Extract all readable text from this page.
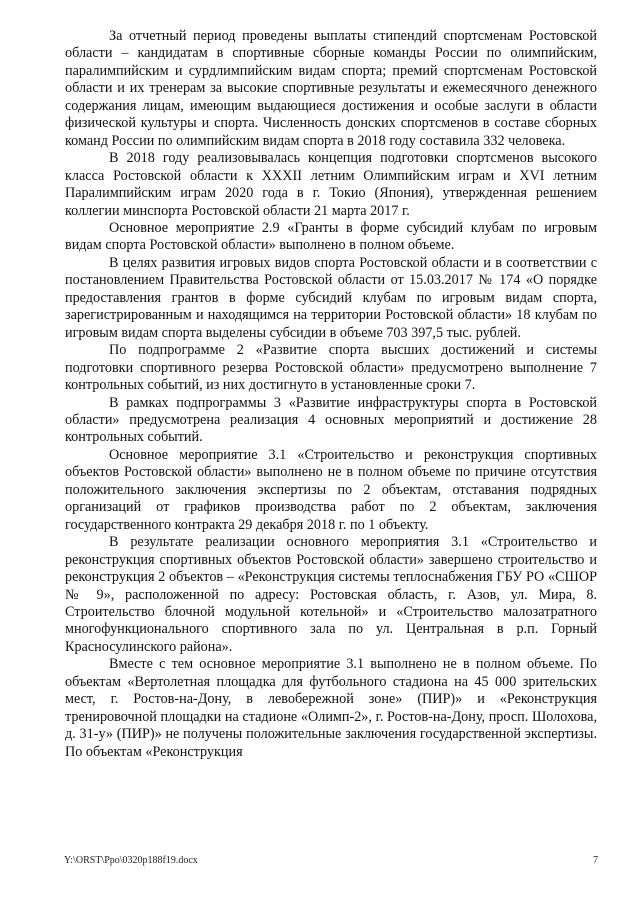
За отчетный период проведены выплаты стипендий спортсменам Ростовской области – кандидатам в спортивные сборные команды России по олимпийским, паралимпийским и сурдлимпийским видам спорта; премий спортсменам Ростовской области и их тренерам за высокие спортивные результаты и ежемесячного денежного содержания лицам, имеющим выдающиеся достижения и особые заслуги в области физической культуры и спорта. Численность донских спортсменов в составе сборных команд России по олимпийским видам спорта в 2018 году составила 332 человека.

В 2018 году реализовывалась концепция подготовки спортсменов высокого класса Ростовской области к XXXII летним Олимпийским играм и XVI летним Паралимпийским играм 2020 года в г. Токио (Япония), утвержденная решением коллегии минспорта Ростовской области 21 марта 2017 г.

Основное мероприятие 2.9 «Гранты в форме субсидий клубам по игровым видам спорта Ростовской области» выполнено в полном объеме.

В целях развития игровых видов спорта Ростовской области и в соответствии с постановлением Правительства Ростовской области от 15.03.2017 № 174 «О порядке предоставления грантов в форме субсидий клубам по игровым видам спорта, зарегистрированным и находящимся на территории Ростовской области» 18 клубам по игровым видам спорта выделены субсидии в объеме 703 397,5 тыс. рублей.

По подпрограмме 2 «Развитие спорта высших достижений и системы подготовки спортивного резерва Ростовской области» предусмотрено выполнение 7 контрольных событий, из них достигнуто в установленные сроки 7.

В рамках подпрограммы 3 «Развитие инфраструктуры спорта в Ростовской области» предусмотрена реализация 4 основных мероприятий и достижение 28 контрольных событий.

Основное мероприятие 3.1 «Строительство и реконструкция спортивных объектов Ростовской области» выполнено не в полном объеме по причине отсутствия положительного заключения экспертизы по 2 объектам, отставания подрядных организаций от графиков производства работ по 2 объектам, заключения государственного контракта 29 декабря 2018 г. по 1 объекту.

В результате реализации основного мероприятия 3.1 «Строительство и реконструкция спортивных объектов Ростовской области» завершено строительство и реконструкция 2 объектов – «Реконструкция системы теплоснабжения ГБУ РО «СШОР № 9», расположенной по адресу: Ростовская область, г. Азов, ул. Мира, 8. Строительство блочной модульной котельной» и «Строительство малозатратного многофункционального спортивного зала по ул. Центральная в р.п. Горный Красносулинского района».

Вместе с тем основное мероприятие 3.1 выполнено не в полном объеме. По объектам «Вертолетная площадка для футбольного стадиона на 45 000 зрительских мест, г. Ростов-на-Дону, в левобережной зоне» (ПИР)» и «Реконструкция тренировочной площадки на стадионе «Олимп-2», г. Ростов-на-Дону, просп. Шолохова, д. 31-у» (ПИР)» не получены положительные заключения государственной экспертизы. По объектам «Реконструкция

Y:\ORST\Ppo\0320p188f19.docx	7
